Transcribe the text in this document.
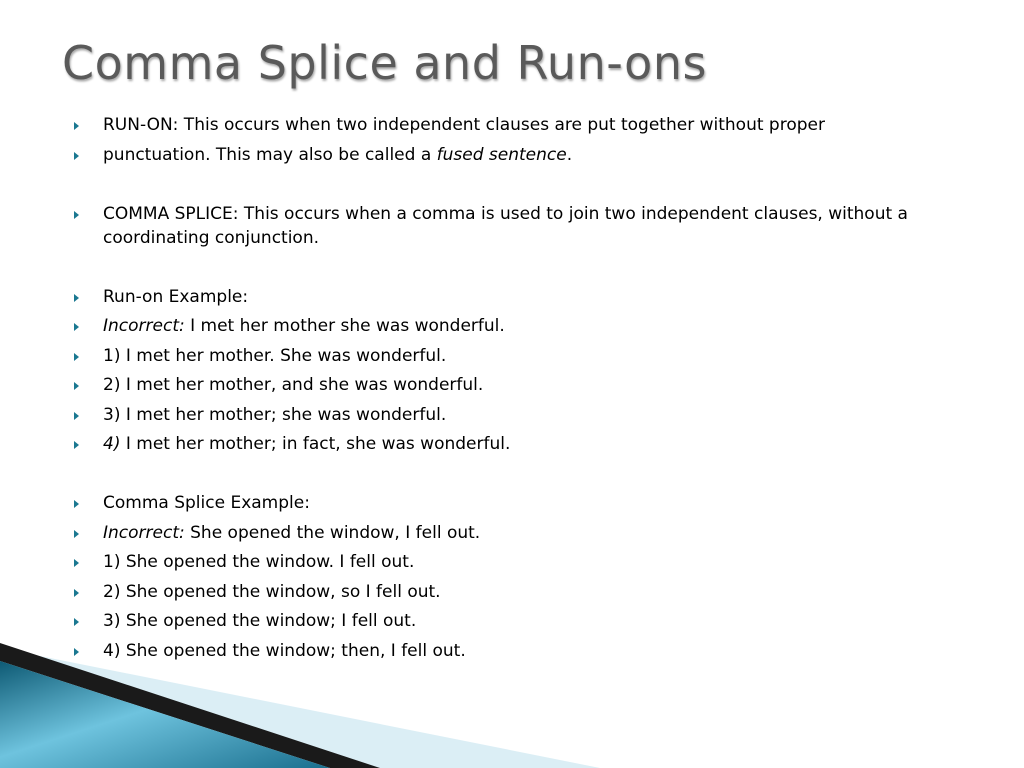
Comma Splice and Run-ons
RUN-ON: This occurs when two independent clauses are put together without proper
punctuation. This may also be called a fused sentence.
COMMA SPLICE: This occurs when a comma is used to join two independent clauses, without a coordinating conjunction.
Run-on Example:
Incorrect: I met her mother she was wonderful.
1) I met her mother. She was wonderful.
2) I met her mother, and she was wonderful.
3) I met her mother; she was wonderful.
4) I met her mother; in fact, she was wonderful.
Comma Splice Example:
Incorrect: She opened the window, I fell out.
1) She opened the window. I fell out.
2) She opened the window, so I fell out.
3) She opened the window; I fell out.
4) She opened the window; then, I fell out.
